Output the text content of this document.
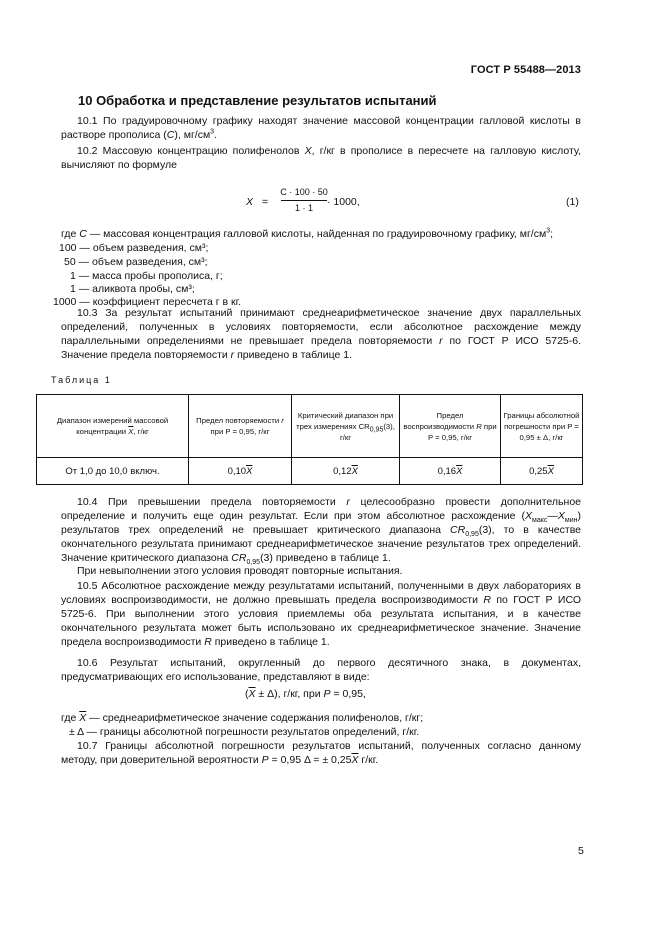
ГОСТ Р 55488—2013
10 Обработка и представление результатов испытаний
10.1 По градуировочному графику находят значение массовой концентрации галловой кислоты в растворе прополиса (C), $мг/см^3$.
10.2 Массовую концентрацию полифенолов X, г/кг в прополисе в пересчете на галловую кислоту, вычисляют по формуле
X =
C · 100 · 50
1 · 1	· 1000,	(1)
где C — массовая концентрация галловой кислоты, найденная по градуировочному графику, $мг/см^3$;
100 — объем разведения, см³;
50 — объем разведения, см³;
1 — масса пробы прополиса, г;
1 — аликвота пробы, см³;
1000 — коэффициент пересчета г в кг.
10.3 За результат испытаний принимают среднеарифметическое значение двух параллельных определений, полученных в условиях повторяемости, если абсолютное расхождение между параллельными определениями не превышает предела повторяемости r по ГОСТ Р ИСО 5725-6. Значение предела повторяемости r приведено в таблице 1.
Таблица 1
Диапазон измерений массовой концентрации $\overline{X}$, г/кг	Предел повторяемости r при P = 0,95, г/кг	Критический диапазон при трех измерениях $CR_{0,95}(3)$, г/кг	Предел воспроизводимости R при P = 0,95, г/кг	Границы абсолютной погрешности при P = 0,95 ± Δ, г/кг
От 1,0 до 10,0 включ.	$0,10\overline{X}$	$0,12\overline{X}$	$0,16\overline{X}$	$0,25\overline{X}$
10.4 При превышении предела повторяемости r целесообразно провести дополнительное определение и получить еще один результат. Если при этом абсолютное расхождение $(X_{макс}—X_{мин})$ результатов трех определений не превышает критического диапазона $CR_{0,95}(3)$, то в качестве окончательного результата принимают среднеарифметическое значение результатов трех определений. Значение критического диапазона $CR_{0,95}(3)$ приведено в таблице 1.
При невыполнении этого условия проводят повторные испытания.
10.5 Абсолютное расхождение между результатами испытаний, полученными в двух лабораториях в условиях воспроизводимости, не должно превышать предела воспроизводимости R по ГОСТ Р ИСО 5725-6. При выполнении этого условия приемлемы оба результата испытания, и в качестве окончательного результата может быть использовано их среднеарифметическое значение. Значение предела воспроизводимости R приведено в таблице 1.
10.6 Результат испытаний, округленный до первого десятичного знака, в документах, предусматривающих его использование, представляют в виде:
$(\overline{X} \pm \Delta)$, г/кг, при P = 0,95,
где $\overline{X}$ — среднеарифметическое значение содержания полифенолов, г/кг;
± Δ — границы абсолютной погрешности результатов определений, г/кг.
10.7 Границы абсолютной погрешности результатов испытаний, полученных согласно данному методу, при доверительной вероятности P = 0,95 Δ = ± $0,25\overline{X}$ г/кг.
5
